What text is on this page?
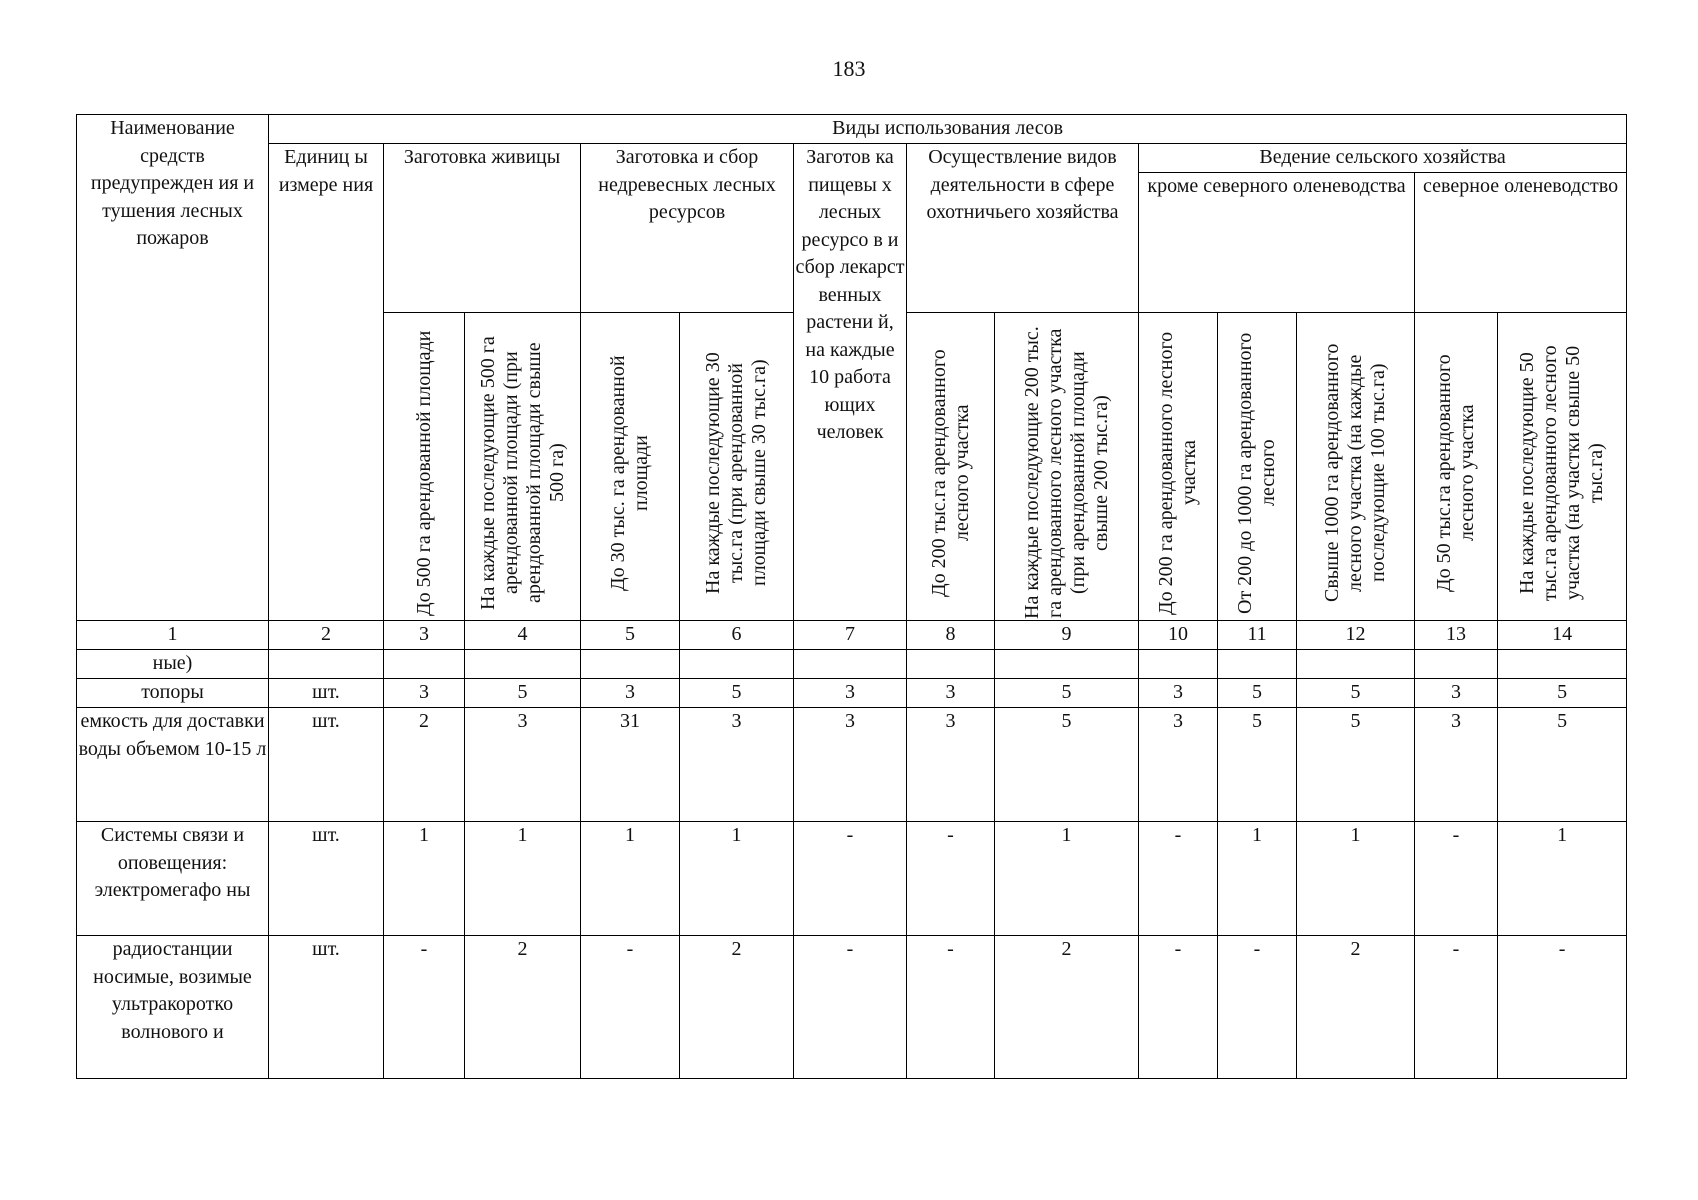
183
Наименование средств предупрежден ия и тушения лесных пожаров	Виды использования лесов												
	Единиц ы измере ния	Заготовка живицы		Заготовка и сбор недревесных лесных ресурсов		Заготов ка пищевы х лесных ресурсо в и сбор лекарст венных растени й, на каждые 10 работа ющих человек	Осуществление видов деятельности в сфере охотничьего хозяйства		Ведение сельского хозяйства				
									кроме северного оленеводства			северное оленеводство	

		До 500 га арендованной площади	На каждые последующие 500 га арендованной площади (при арендованной площади свыше 500 га)	До 30 тыс. га арендованной площади	На каждые последующие 30 тыс.га (при арендованной площади свыше 30 тыс.га)		До 200 тыс.га арендованного лесного участка	На каждые последующие 200 тыс. га арендованного лесного участка (при арендованной площади свыше 200 тыс.га)	До 200 га арендованного лесного участка	От 200 до 1000 га арендованного лесного	Свыше 1000 га арендованного лесного участка (на каждые последующие 100 тыс.га)	До 50 тыс.га арендованного лесного участка	На каждые последующие 50 тыс.га арендованного лесного участка (на участки свыше 50 тыс.га)

1	2	3	4	5	6	7	8	9	10	11	12	13	14
ные)													
топоры	шт.	3	5	3	5	3	3	5	3	5	5	3	5
емкость для доставки воды объемом 10-15 л	шт.	2	3	31	3	3	3	5	3	5	5	3	5
Системы связи и оповещения: электромегафо ны	шт.	1	1	1	1	-	-	1	-	1	1	-	1
радиостанции носимые, возимые ультракоротко волнового и	шт.	-	2	-	2	-	-	2	-	-	2	-	-
